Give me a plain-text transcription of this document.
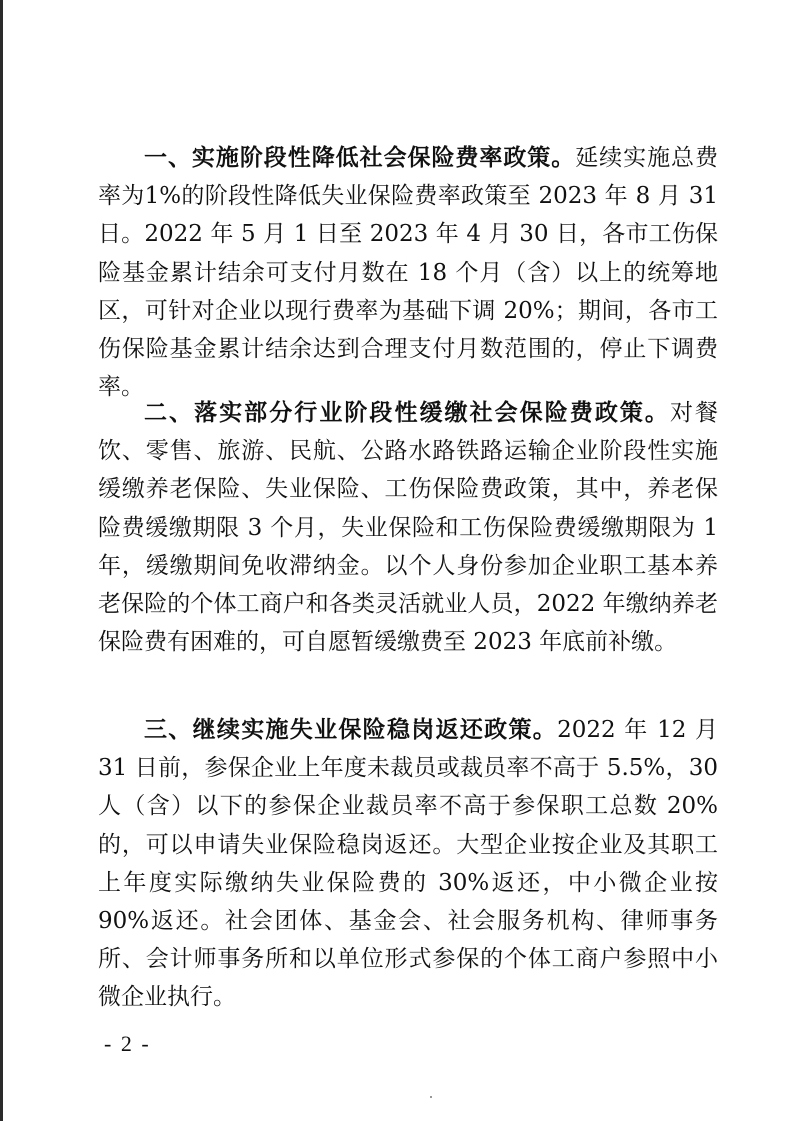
一、实施阶段性降低社会保险费率政策。延续实施总费率为1%的阶段性降低失业保险费率政策至 2023 年 8 月 31 日。2022 年 5 月 1 日至 2023 年 4 月 30 日，各市工伤保险基金累计结余可支付月数在 18 个月（含）以上的统筹地区，可针对企业以现行费率为基础下调 20%；期间，各市工伤保险基金累计结余达到合理支付月数范围的，停止下调费率。

二、落实部分行业阶段性缓缴社会保险费政策。对餐饮、零售、旅游、民航、公路水路铁路运输企业阶段性实施缓缴养老保险、失业保险、工伤保险费政策，其中，养老保险费缓缴期限 3 个月，失业保险和工伤保险费缓缴期限为 1 年，缓缴期间免收滞纳金。以个人身份参加企业职工基本养老保险的个体工商户和各类灵活就业人员，2022 年缴纳养老保险费有困难的，可自愿暂缓缴费至 2023 年底前补缴。

三、继续实施失业保险稳岗返还政策。2022 年 12 月 31 日前，参保企业上年度未裁员或裁员率不高于 5.5%，30 人（含）以下的参保企业裁员率不高于参保职工总数 20%的，可以申请失业保险稳岗返还。大型企业按企业及其职工上年度实际缴纳失业保险费的 30%返还，中小微企业按 90%返还。社会团体、基金会、社会服务机构、律师事务所、会计师事务所和以单位形式参保的个体工商户参照中小微企业执行。

- 2 -
